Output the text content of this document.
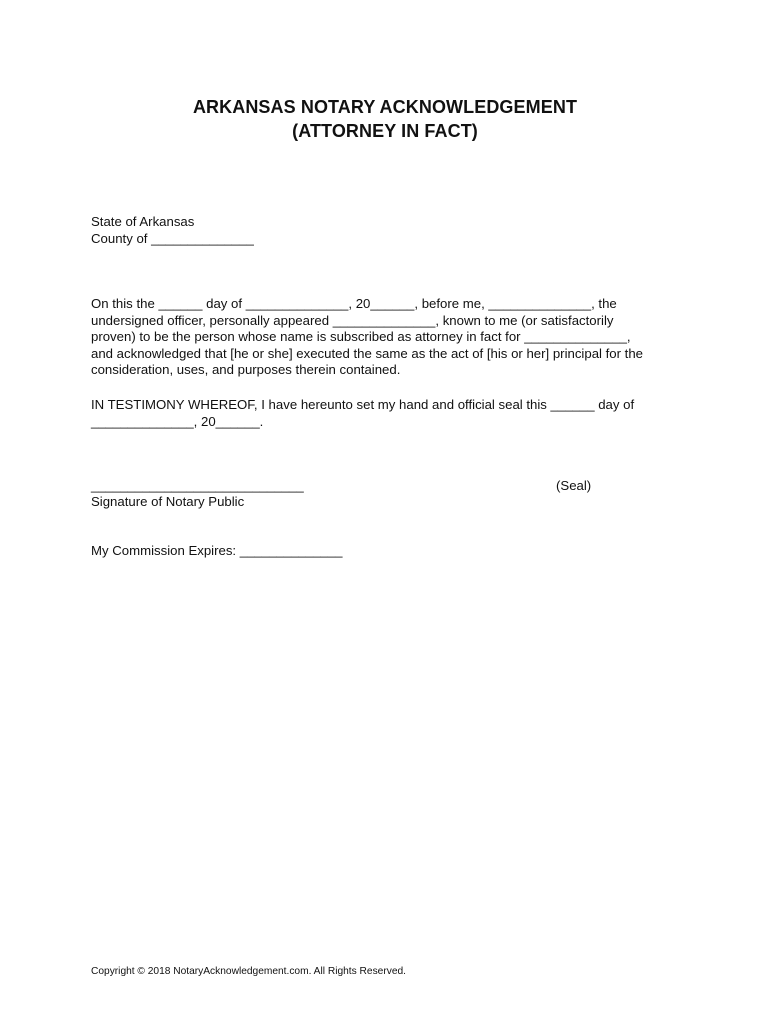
ARKANSAS NOTARY ACKNOWLEDGEMENT
(ATTORNEY IN FACT)
State of Arkansas
County of ______________
On this the ______ day of ______________, 20______, before me, ______________, the
undersigned officer, personally appeared ______________, known to me (or satisfactorily
proven) to be the person whose name is subscribed as attorney in fact for ______________,
and acknowledged that [he or she] executed the same as the act of [his or her] principal for the
consideration, uses, and purposes therein contained.
IN TESTIMONY WHEREOF, I have hereunto set my hand and official seal this ______ day of
______________, 20______.
_____________________________
Signature of Notary Public
(Seal)
My Commission Expires: ______________
Copyright © 2018 NotaryAcknowledgement.com. All Rights Reserved.
